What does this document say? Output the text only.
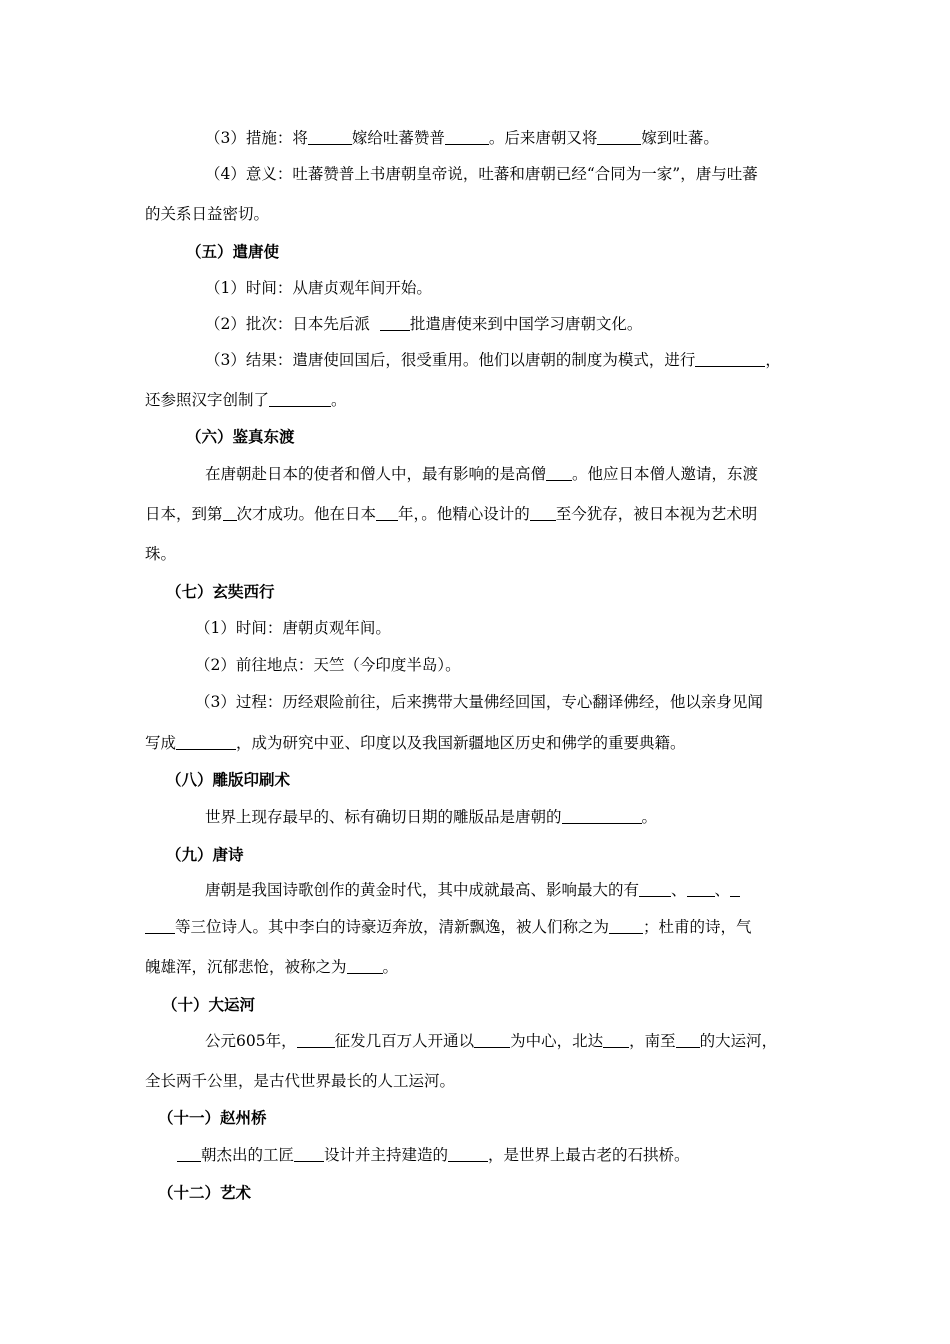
（3）措施：将	嫁给吐蕃赞普	。后来唐朝又将	嫁到吐蕃。
（4）意义：吐蕃赞普上书唐朝皇帝说，吐蕃和唐朝已经“合同为一家”，唐与吐蕃
的关系日益密切。
（五）遣唐使
（1）时间：从唐贞观年间开始。
（2）批次：日本先后派	批遣唐使来到中国学习唐朝文化。
（3）结果：遣唐使回国后，很受重用。他们以唐朝的制度为模式，进行	，
还参照汉字创制了	。
（六）鉴真东渡
在唐朝赴日本的使者和僧人中，最有影响的是高僧 。他应日本僧人邀请，东渡
日本，到第 次才成功。他在日本 年，。他精心设计的 至今犹存，被日本视为艺术明
珠。
（七）玄奘西行
（1）时间：唐朝贞观年间。
（2）前往地点：天竺（今印度半岛）。
（3）过程：历经艰险前往，后来携带大量佛经回国，专心翻译佛经，他以亲身见闻
写成	，成为研究中亚、印度以及我国新疆地区历史和佛学的重要典籍。
（八）雕版印刷术
世界上现存最早的、标有确切日期的雕版品是唐朝的	。
（九）唐诗
唐朝是我国诗歌创作的黄金时代，其中成就最高、影响最大的有 、 、
等三位诗人。其中李白的诗豪迈奔放，清新飘逸，被人们称之为 ；杜甫的诗，气
魄雄浑，沉郁悲怆，被称之为 。
（十）大运河
公元605年， 征发几百万人开通以 为中心，北达 ，南至 的大运河，
全长两千公里，是古代世界最长的人工运河。
（十一）赵州桥
朝杰出的工匠 设计并主持建造的	，是世界上最古老的石拱桥。
（十二）艺术
